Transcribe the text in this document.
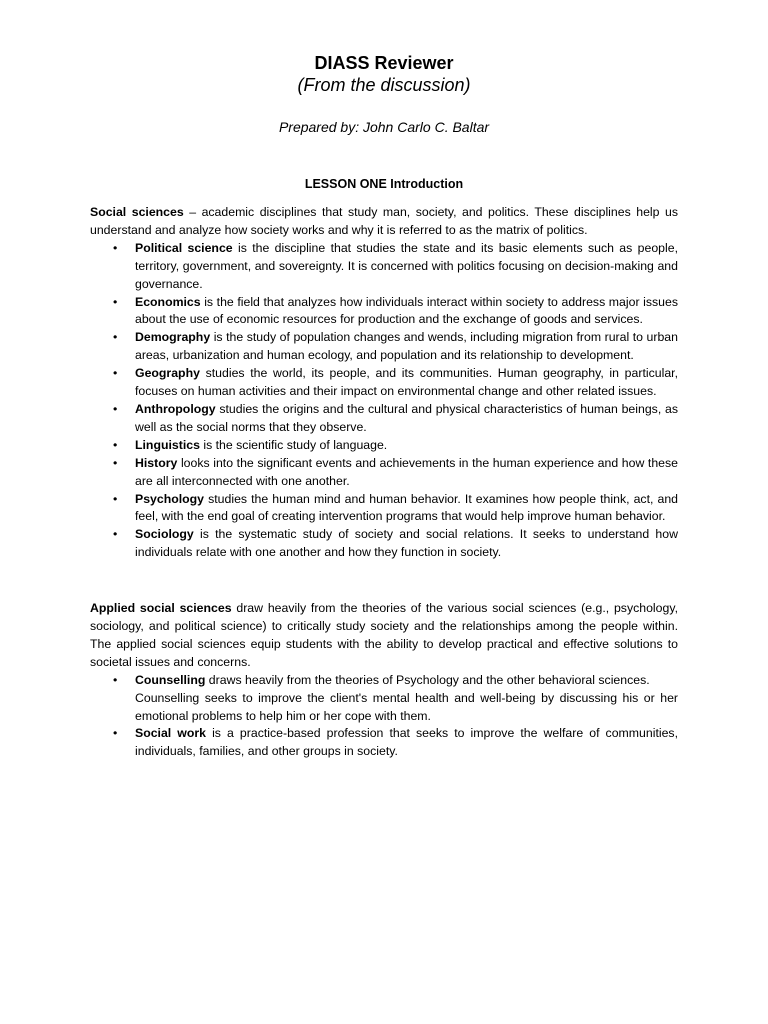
DIASS Reviewer

(From the discussion)

Prepared by: John Carlo C. Baltar

LESSON ONE Introduction

Social sciences – academic disciplines that study man, society, and politics. These disciplines help us understand and analyze how society works and why it is referred to as the matrix of politics.

• Political science is the discipline that studies the state and its basic elements such as people, territory, government, and sovereignty. It is concerned with politics focusing on decision-making and governance.
• Economics is the field that analyzes how individuals interact within society to address major issues about the use of economic resources for production and the exchange of goods and services.
• Demography is the study of population changes and wends, including migration from rural to urban areas, urbanization and human ecology, and population and its relationship to development.
• Geography studies the world, its people, and its communities. Human geography, in particular, focuses on human activities and their impact on environmental change and other related issues.
• Anthropology studies the origins and the cultural and physical characteristics of human beings, as well as the social norms that they observe.
• Linguistics is the scientific study of language.
• History looks into the significant events and achievements in the human experience and how these are all interconnected with one another.
• Psychology studies the human mind and human behavior. It examines how people think, act, and feel, with the end goal of creating intervention programs that would help improve human behavior.
• Sociology is the systematic study of society and social relations. It seeks to understand how individuals relate with one another and how they function in society.

Applied social sciences draw heavily from the theories of the various social sciences (e.g., psychology, sociology, and political science) to critically study society and the relationships among the people within. The applied social sciences equip students with the ability to develop practical and effective solutions to societal issues and concerns.

• Counselling draws heavily from the theories of Psychology and the other behavioral sciences.
Counselling seeks to improve the client's mental health and well-being by discussing his or her emotional problems to help him or her cope with them.
• Social work is a practice-based profession that seeks to improve the welfare of communities, individuals, families, and other groups in society.
